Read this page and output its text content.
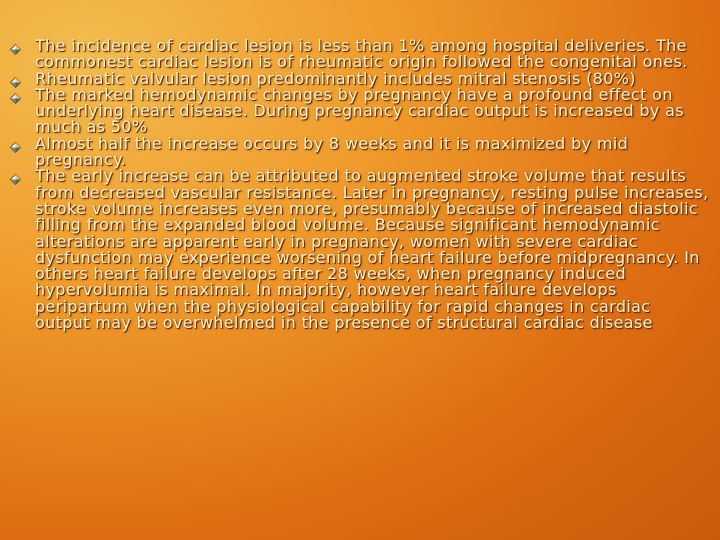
The incidence of cardiac lesion is less than 1% among hospital deliveries. The commonest cardiac lesion is of rheumatic origin followed the congenital ones.
Rheumatic valvular lesion predominantly includes mitral stenosis (80%)
The marked hemodynamic changes by pregnancy have a profound effect on underlying heart disease. During pregnancy cardiac output is increased by as much as 50%
Almost half the increase occurs by 8 weeks and it is maximized by mid pregnancy.
The early increase can be attributed to augmented stroke volume that results from decreased vascular resistance. Later in pregnancy, resting pulse increases, stroke volume increases even more, presumably because of increased diastolic filling from the expanded blood volume. Because significant hemodynamic alterations are apparent early in pregnancy, women with severe cardiac dysfunction may experience worsening of heart failure before midpregnancy. In others heart failure develops after 28 weeks, when pregnancy induced hypervolumia is maximal. In majority, however heart failure develops peripartum when the physiological capability for rapid changes in cardiac output may be overwhelmed in the presence of structural cardiac disease
